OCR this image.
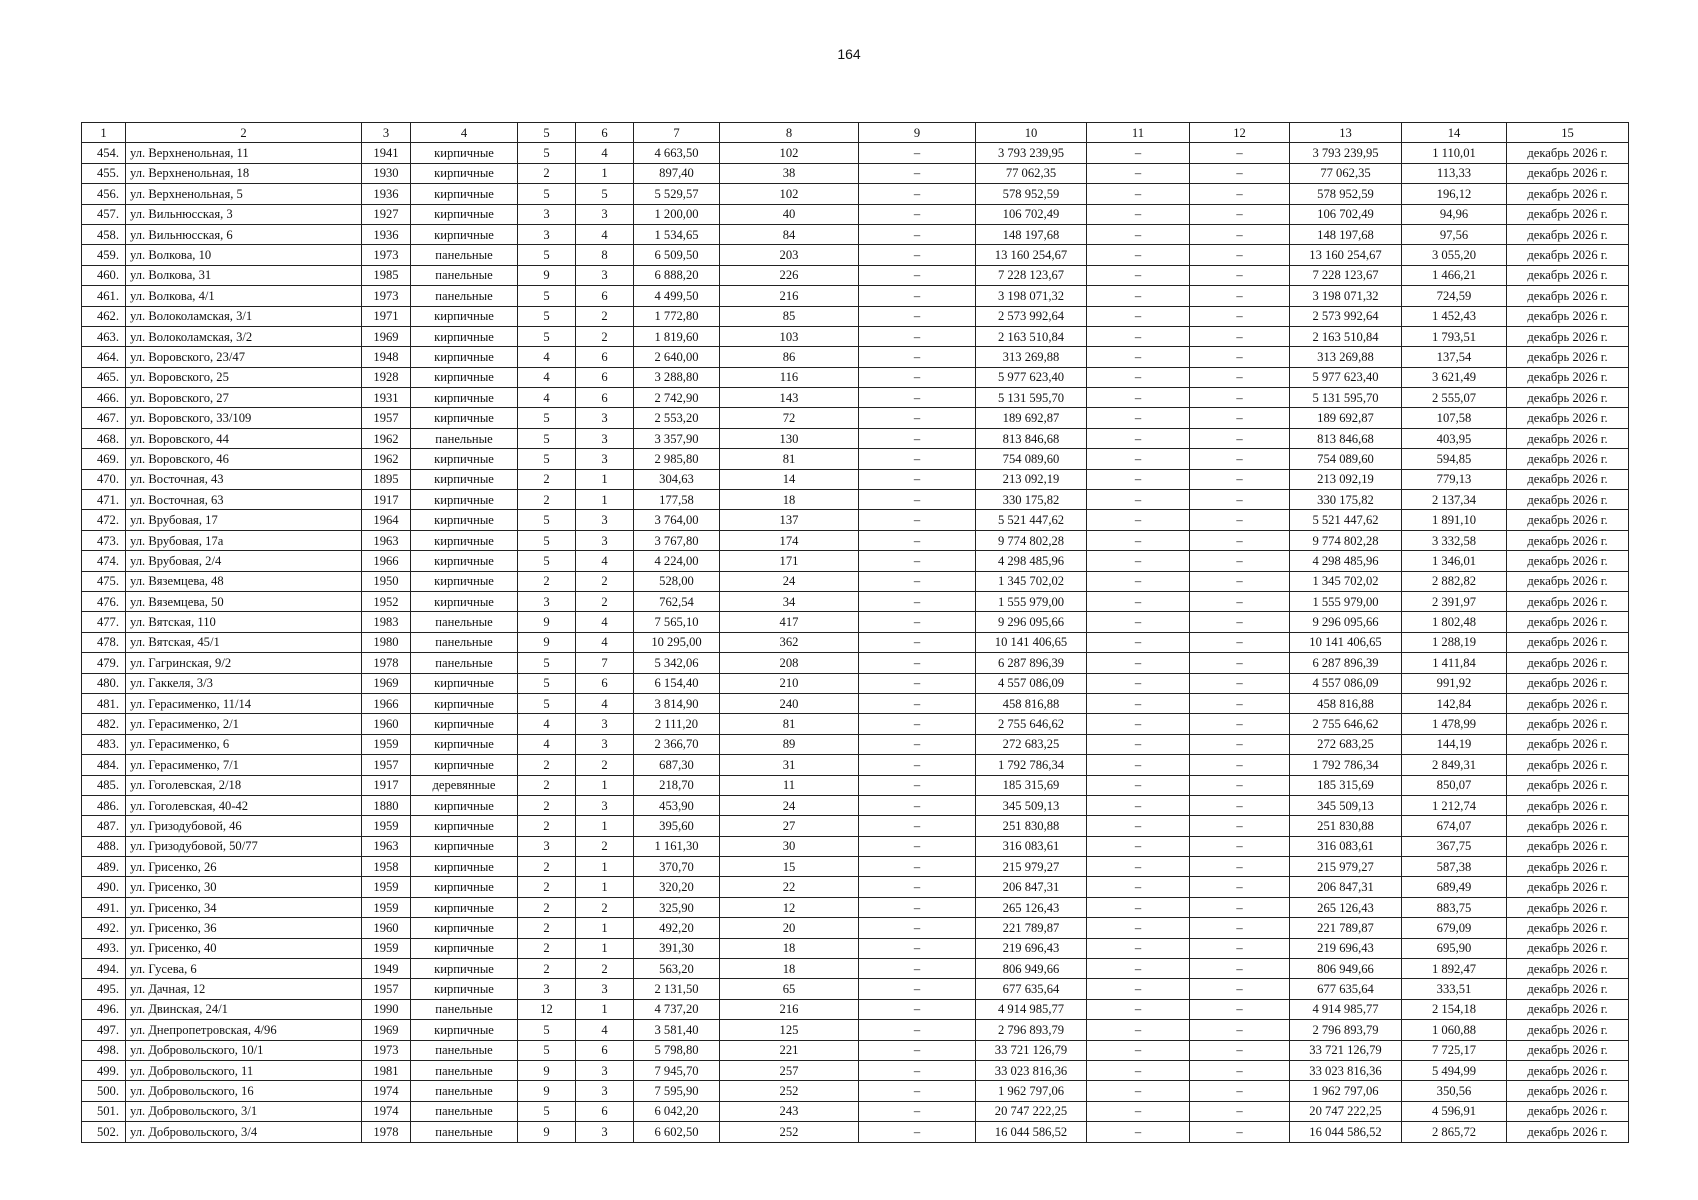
164
1	2	3	4	5	6	7	8	9	10	11	12	13	14	15
454.	ул. Верхненольная, 11	1941	кирпичные	5	4	4 663,50	102	–	3 793 239,95	–	–	3 793 239,95	1 110,01	декабрь 2026 г.
455.	ул. Верхненольная, 18	1930	кирпичные	2	1	897,40	38	–	77 062,35	–	–	77 062,35	113,33	декабрь 2026 г.
456.	ул. Верхненольная, 5	1936	кирпичные	5	5	5 529,57	102	–	578 952,59	–	–	578 952,59	196,12	декабрь 2026 г.
457.	ул. Вильнюсская, 3	1927	кирпичные	3	3	1 200,00	40	–	106 702,49	–	–	106 702,49	94,96	декабрь 2026 г.
458.	ул. Вильнюсская, 6	1936	кирпичные	3	4	1 534,65	84	–	148 197,68	–	–	148 197,68	97,56	декабрь 2026 г.
459.	ул. Волкова, 10	1973	панельные	5	8	6 509,50	203	–	13 160 254,67	–	–	13 160 254,67	3 055,20	декабрь 2026 г.
460.	ул. Волкова, 31	1985	панельные	9	3	6 888,20	226	–	7 228 123,67	–	–	7 228 123,67	1 466,21	декабрь 2026 г.
461.	ул. Волкова, 4/1	1973	панельные	5	6	4 499,50	216	–	3 198 071,32	–	–	3 198 071,32	724,59	декабрь 2026 г.
462.	ул. Волоколамская, 3/1	1971	кирпичные	5	2	1 772,80	85	–	2 573 992,64	–	–	2 573 992,64	1 452,43	декабрь 2026 г.
463.	ул. Волоколамская, 3/2	1969	кирпичные	5	2	1 819,60	103	–	2 163 510,84	–	–	2 163 510,84	1 793,51	декабрь 2026 г.
464.	ул. Воровского, 23/47	1948	кирпичные	4	6	2 640,00	86	–	313 269,88	–	–	313 269,88	137,54	декабрь 2026 г.
465.	ул. Воровского, 25	1928	кирпичные	4	6	3 288,80	116	–	5 977 623,40	–	–	5 977 623,40	3 621,49	декабрь 2026 г.
466.	ул. Воровского, 27	1931	кирпичные	4	6	2 742,90	143	–	5 131 595,70	–	–	5 131 595,70	2 555,07	декабрь 2026 г.
467.	ул. Воровского, 33/109	1957	кирпичные	5	3	2 553,20	72	–	189 692,87	–	–	189 692,87	107,58	декабрь 2026 г.
468.	ул. Воровского, 44	1962	панельные	5	3	3 357,90	130	–	813 846,68	–	–	813 846,68	403,95	декабрь 2026 г.
469.	ул. Воровского, 46	1962	кирпичные	5	3	2 985,80	81	–	754 089,60	–	–	754 089,60	594,85	декабрь 2026 г.
470.	ул. Восточная, 43	1895	кирпичные	2	1	304,63	14	–	213 092,19	–	–	213 092,19	779,13	декабрь 2026 г.
471.	ул. Восточная, 63	1917	кирпичные	2	1	177,58	18	–	330 175,82	–	–	330 175,82	2 137,34	декабрь 2026 г.
472.	ул. Врубовая, 17	1964	кирпичные	5	3	3 764,00	137	–	5 521 447,62	–	–	5 521 447,62	1 891,10	декабрь 2026 г.
473.	ул. Врубовая, 17а	1963	кирпичные	5	3	3 767,80	174	–	9 774 802,28	–	–	9 774 802,28	3 332,58	декабрь 2026 г.
474.	ул. Врубовая, 2/4	1966	кирпичные	5	4	4 224,00	171	–	4 298 485,96	–	–	4 298 485,96	1 346,01	декабрь 2026 г.
475.	ул. Вяземцева, 48	1950	кирпичные	2	2	528,00	24	–	1 345 702,02	–	–	1 345 702,02	2 882,82	декабрь 2026 г.
476.	ул. Вяземцева, 50	1952	кирпичные	3	2	762,54	34	–	1 555 979,00	–	–	1 555 979,00	2 391,97	декабрь 2026 г.
477.	ул. Вятская, 110	1983	панельные	9	4	7 565,10	417	–	9 296 095,66	–	–	9 296 095,66	1 802,48	декабрь 2026 г.
478.	ул. Вятская, 45/1	1980	панельные	9	4	10 295,00	362	–	10 141 406,65	–	–	10 141 406,65	1 288,19	декабрь 2026 г.
479.	ул. Гагринская, 9/2	1978	панельные	5	7	5 342,06	208	–	6 287 896,39	–	–	6 287 896,39	1 411,84	декабрь 2026 г.
480.	ул. Гаккеля, 3/3	1969	кирпичные	5	6	6 154,40	210	–	4 557 086,09	–	–	4 557 086,09	991,92	декабрь 2026 г.
481.	ул. Герасименко, 11/14	1966	кирпичные	5	4	3 814,90	240	–	458 816,88	–	–	458 816,88	142,84	декабрь 2026 г.
482.	ул. Герасименко, 2/1	1960	кирпичные	4	3	2 111,20	81	–	2 755 646,62	–	–	2 755 646,62	1 478,99	декабрь 2026 г.
483.	ул. Герасименко, 6	1959	кирпичные	4	3	2 366,70	89	–	272 683,25	–	–	272 683,25	144,19	декабрь 2026 г.
484.	ул. Герасименко, 7/1	1957	кирпичные	2	2	687,30	31	–	1 792 786,34	–	–	1 792 786,34	2 849,31	декабрь 2026 г.
485.	ул. Гоголевская, 2/18	1917	деревянные	2	1	218,70	11	–	185 315,69	–	–	185 315,69	850,07	декабрь 2026 г.
486.	ул. Гоголевская, 40-42	1880	кирпичные	2	3	453,90	24	–	345 509,13	–	–	345 509,13	1 212,74	декабрь 2026 г.
487.	ул. Гризодубовой, 46	1959	кирпичные	2	1	395,60	27	–	251 830,88	–	–	251 830,88	674,07	декабрь 2026 г.
488.	ул. Гризодубовой, 50/77	1963	кирпичные	3	2	1 161,30	30	–	316 083,61	–	–	316 083,61	367,75	декабрь 2026 г.
489.	ул. Грисенко, 26	1958	кирпичные	2	1	370,70	15	–	215 979,27	–	–	215 979,27	587,38	декабрь 2026 г.
490.	ул. Грисенко, 30	1959	кирпичные	2	1	320,20	22	–	206 847,31	–	–	206 847,31	689,49	декабрь 2026 г.
491.	ул. Грисенко, 34	1959	кирпичные	2	2	325,90	12	–	265 126,43	–	–	265 126,43	883,75	декабрь 2026 г.
492.	ул. Грисенко, 36	1960	кирпичные	2	1	492,20	20	–	221 789,87	–	–	221 789,87	679,09	декабрь 2026 г.
493.	ул. Грисенко, 40	1959	кирпичные	2	1	391,30	18	–	219 696,43	–	–	219 696,43	695,90	декабрь 2026 г.
494.	ул. Гусева, 6	1949	кирпичные	2	2	563,20	18	–	806 949,66	–	–	806 949,66	1 892,47	декабрь 2026 г.
495.	ул. Дачная, 12	1957	кирпичные	3	3	2 131,50	65	–	677 635,64	–	–	677 635,64	333,51	декабрь 2026 г.
496.	ул. Двинская, 24/1	1990	панельные	12	1	4 737,20	216	–	4 914 985,77	–	–	4 914 985,77	2 154,18	декабрь 2026 г.
497.	ул. Днепропетровская, 4/96	1969	кирпичные	5	4	3 581,40	125	–	2 796 893,79	–	–	2 796 893,79	1 060,88	декабрь 2026 г.
498.	ул. Добровольского, 10/1	1973	панельные	5	6	5 798,80	221	–	33 721 126,79	–	–	33 721 126,79	7 725,17	декабрь 2026 г.
499.	ул. Добровольского, 11	1981	панельные	9	3	7 945,70	257	–	33 023 816,36	–	–	33 023 816,36	5 494,99	декабрь 2026 г.
500.	ул. Добровольского, 16	1974	панельные	9	3	7 595,90	252	–	1 962 797,06	–	–	1 962 797,06	350,56	декабрь 2026 г.
501.	ул. Добровольского, 3/1	1974	панельные	5	6	6 042,20	243	–	20 747 222,25	–	–	20 747 222,25	4 596,91	декабрь 2026 г.
502.	ул. Добровольского, 3/4	1978	панельные	9	3	6 602,50	252	–	16 044 586,52	–	–	16 044 586,52	2 865,72	декабрь 2026 г.
